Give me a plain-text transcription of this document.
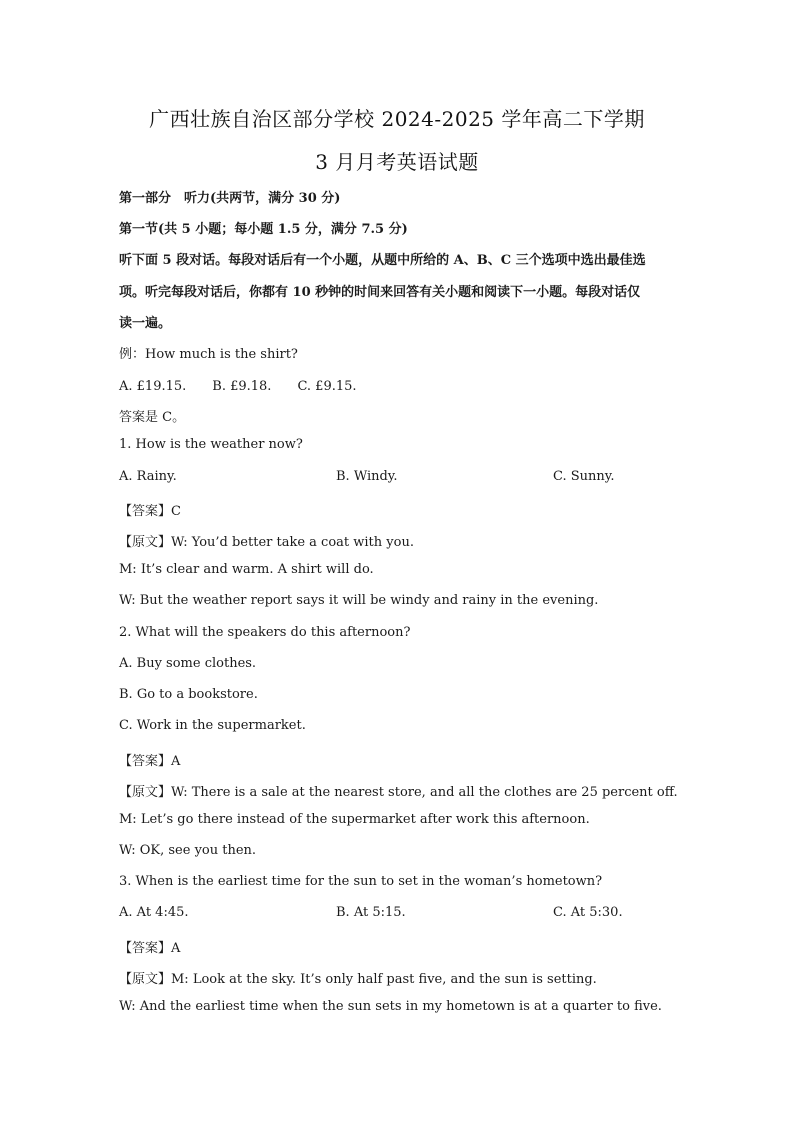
广西壮族自治区部分学校 2024-2025 学年高二下学期
3 月月考英语试题
第一部分　听力(共两节，满分 30 分)
第一节(共 5 小题；每小题 1.5 分，满分 7.5 分)
听下面 5 段对话。每段对话后有一个小题，从题中所给的 A、B、C 三个选项中选出最佳选
项。听完每段对话后，你都有 10 秒钟的时间来回答有关小题和阅读下一小题。每段对话仅
读一遍。
例：How much is the shirt?
A. £19.15.　　B. £9.18.　　C. £9.15.
答案是 C。
1. How is the weather now?
A. Rainy.	B. Windy.	C. Sunny.
【答案】C
【原文】W: You’d better take a coat with you.
M: It’s clear and warm. A shirt will do.
W: But the weather report says it will be windy and rainy in the evening.
2. What will the speakers do this afternoon?
A. Buy some clothes.
B. Go to a bookstore.
C. Work in the supermarket.
【答案】A
【原文】W: There is a sale at the nearest store, and all the clothes are 25 percent off.
M: Let’s go there instead of the supermarket after work this afternoon.
W: OK, see you then.
3. When is the earliest time for the sun to set in the woman’s hometown?
A. At 4:45.	B. At 5:15.	C. At 5:30.
【答案】A
【原文】M: Look at the sky. It’s only half past five, and the sun is setting.
W: And the earliest time when the sun sets in my hometown is at a quarter to five.
